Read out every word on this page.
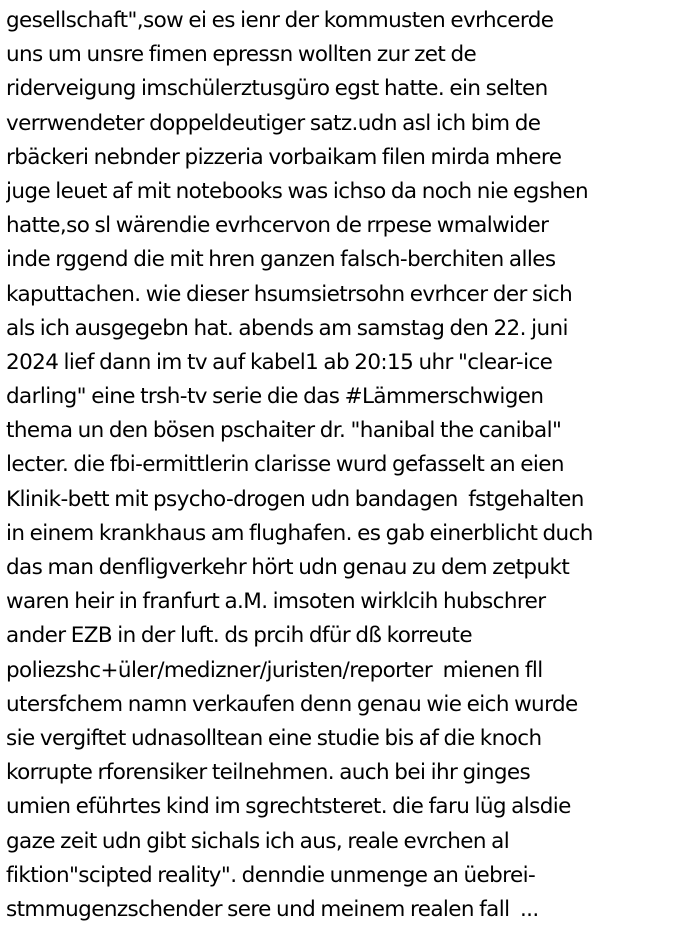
gesellschaft",sow ei es ienr der kommusten evrhcerde
uns um unsre fimen epressn wollten zur zet de
riderveigung imschülerztusgüro egst hatte. ein selten
verrwendeter doppeldeutiger satz.udn asl ich bim de
rbäckeri nebnder pizzeria vorbaikam filen mirda mhere
juge leuet af mit notebooks was ichso da noch nie egshen
hatte,so sl wärendie evrhcervon de rrpese wmalwider
inde rggend die mit hren ganzen falsch-berchiten alles
kaputtachen. wie dieser hsumsietrsohn evrhcer der sich
als ich ausgegebn hat. abends am samstag den 22. juni
2024 lief dann im tv auf kabel1 ab 20:15 uhr "clear-ice
darling" eine trsh-tv serie die das #Lämmerschwigen
thema un den bösen pschaiter dr. "hanibal the canibal"
lecter. die fbi-ermittlerin clarisse wurd gefasselt an eien
Klinik-bett mit psycho-drogen udn bandagen  fstgehalten
in einem krankhaus am flughafen. es gab einerblicht duch
das man denfligverkehr hört udn genau zu dem zetpukt
waren heir in franfurt a.M. imsoten wirklcih hubschrer
ander EZB in der luft. ds prcih dfür dß korreute
poliezshc+üler/medizner/juristen/reporter  mienen fll
utersfchem namn verkaufen denn genau wie eich wurde
sie vergiftet udnasolltean eine studie bis af die knoch
korrupte rforensiker teilnehmen. auch bei ihr ginges
umien eführtes kind im sgrechtsteret. die faru lüg alsdie
gaze zeit udn gibt sichals ich aus, reale evrchen al
fiktion"scipted reality". denndie unmenge an üebrei-
stmmugenzschender sere und meinem realen fall  ...
